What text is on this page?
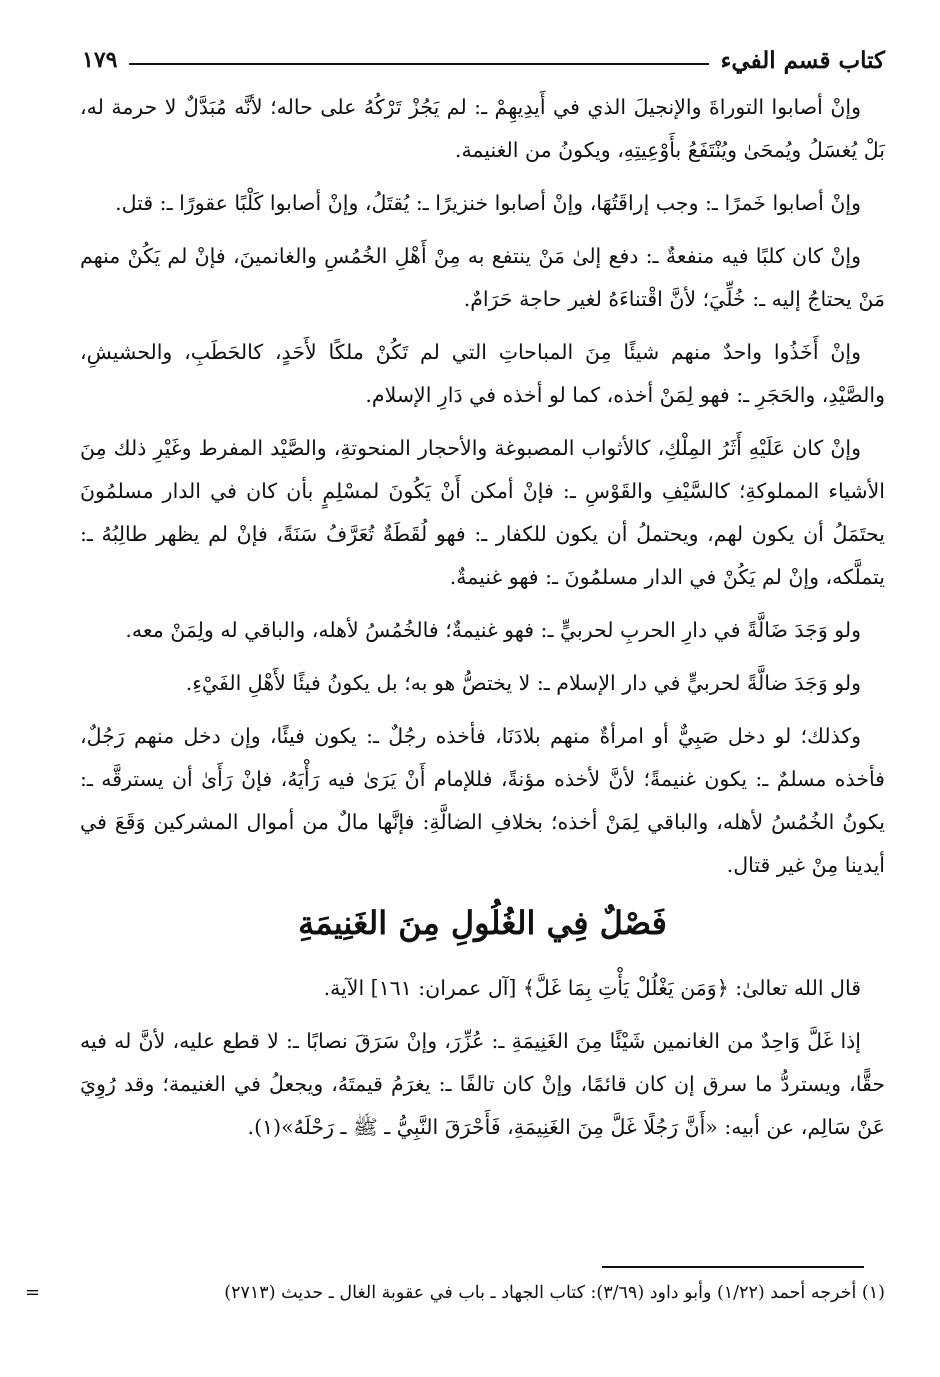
كتاب قسم الفيء
١٧٩

وإنْ أصابوا التوراةَ والإنجيلَ الذي في أَيدِيهِمْ ـ: لم يَجُزْ تَرْكُهُ على حاله؛ لأنَّه مُبَدَّلٌ لا حرمة له، بَلْ يُغسَلُ ويُمحَىٰ ويُنْتَفَعُ بأَوْعِيتِهِ، ويكونُ من الغنيمة.

وإنْ أصابوا خَمرًا ـ: وجب إراقَتُهَا، وإنْ أصابوا خنزيرًا ـ: يُقتَلُ، وإنْ أصابوا كَلْبًا عقورًا ـ: قتل.

وإنْ كان كلبًا فيه منفعةٌ ـ: دفع إلىٰ مَنْ ينتفع به مِنْ أَهْلِ الخُمُسِ والغانمينَ، فإنْ لم يَكُنْ منهم مَنْ يحتاجُ إليه ـ: خُلِّيَ؛ لأنَّ اقْتناءَهُ لغير حاجة حَرَامٌ.

وإنْ أَخَذُوا واحدٌ منهم شيئًا مِنَ المباحاتِ التي لم تَكُنْ ملكًا لأَحَدٍ، كالحَطَبِ، والحشيشِ، والصَّيْدِ، والحَجَرِ ـ: فهو لِمَنْ أخذه، كما لو أخذه في دَارِ الإسلام.

وإنْ كان عَلَيْهِ أَثَرُ المِلْكِ، كالأثواب المصبوغة والأحجار المنحوتةِ، والصَّيْد المفرط وغَيْرِ ذلك مِنَ الأشياء المملوكةِ؛ كالسَّيْفِ والقَوْسِ ـ: فإنْ أمكن أَنْ يَكُونَ لمسْلِمٍ بأن كان في الدار مسلمُونَ يحتَمَلُ أن يكون لهم، ويحتملُ أن يكون للكفار ـ: فهو لُقَطَةٌ تُعَرَّفُ سَنَةً، فإنْ لم يظهر طالِبُهُ ـ: يتملَّكه، وإنْ لم يَكُنْ في الدار مسلمُونَ ـ: فهو غنيمةٌ.

ولو وَجَدَ ضَالَّةً في دارِ الحربِ لحربيٍّ ـ: فهو غنيمةٌ؛ فالخُمُسُ لأهله، والباقي له ولِمَنْ معه.

ولو وَجَدَ ضالَّةً لحربيٍّ في دار الإسلام ـ: لا يختصُّ هو به؛ بل يكونُ فيئًا لأَهْلِ الفَيْءِ.

وكذلك؛ لو دخل صَبِيٌّ أو امرأةٌ منهم بلادَنَا، فأخذه رجُلٌ ـ: يكون فيئًا، وإن دخل منهم رَجُلٌ، فأخذه مسلمٌ ـ: يكون غنيمةً؛ لأنَّ لأخذه مؤنةً، فللإمام أَنْ يَرَىٰ فيه رَأْيَهُ، فإنْ رَأَىٰ أن يسترقَّه ـ: يكونُ الخُمُسُ لأهله، والباقي لِمَنْ أخذه؛ بخلافِ الضالَّةِ: فإنَّها مالٌ من أموال المشركين وَقَعَ في أيدينا مِنْ غير قتال.

فَصْلٌ فِي الغُلُولِ مِنَ الغَنِيمَةِ

قال الله تعالىٰ: ﴿وَمَن يَغْلُلْ يَأْتِ بِمَا غَلَّ﴾ [آل عمران: ١٦١] الآية.

إذا غَلَّ وَاحِدٌ من الغانمين شَيْئًا مِنَ الغَنِيمَةِ ـ: عُزِّرَ، وإنْ سَرَقَ نصابًا ـ: لا قطع عليه، لأنَّ له فيه حقًّا، ويستردُّ ما سرق إن كان قائمًا، وإنْ كان تالفًا ـ: يغرَمُ قيمتَهُ، ويجعلُ في الغنيمة؛ وقد رُوِيَ عَنْ سَالِم، عن أبيه: «أَنَّ رَجُلًا غَلَّ مِنَ الغَنِيمَةِ، فَأَحْرَقَ النَّبِيُّ ـ ﷺ ـ رَحْلَهُ»(١).

(١) أخرجه أحمد (١/٢٢) وأبو داود (٣/٦٩): كتاب الجهاد ـ باب في عقوبة الغال ـ حديث (٢٧١٣)
=
